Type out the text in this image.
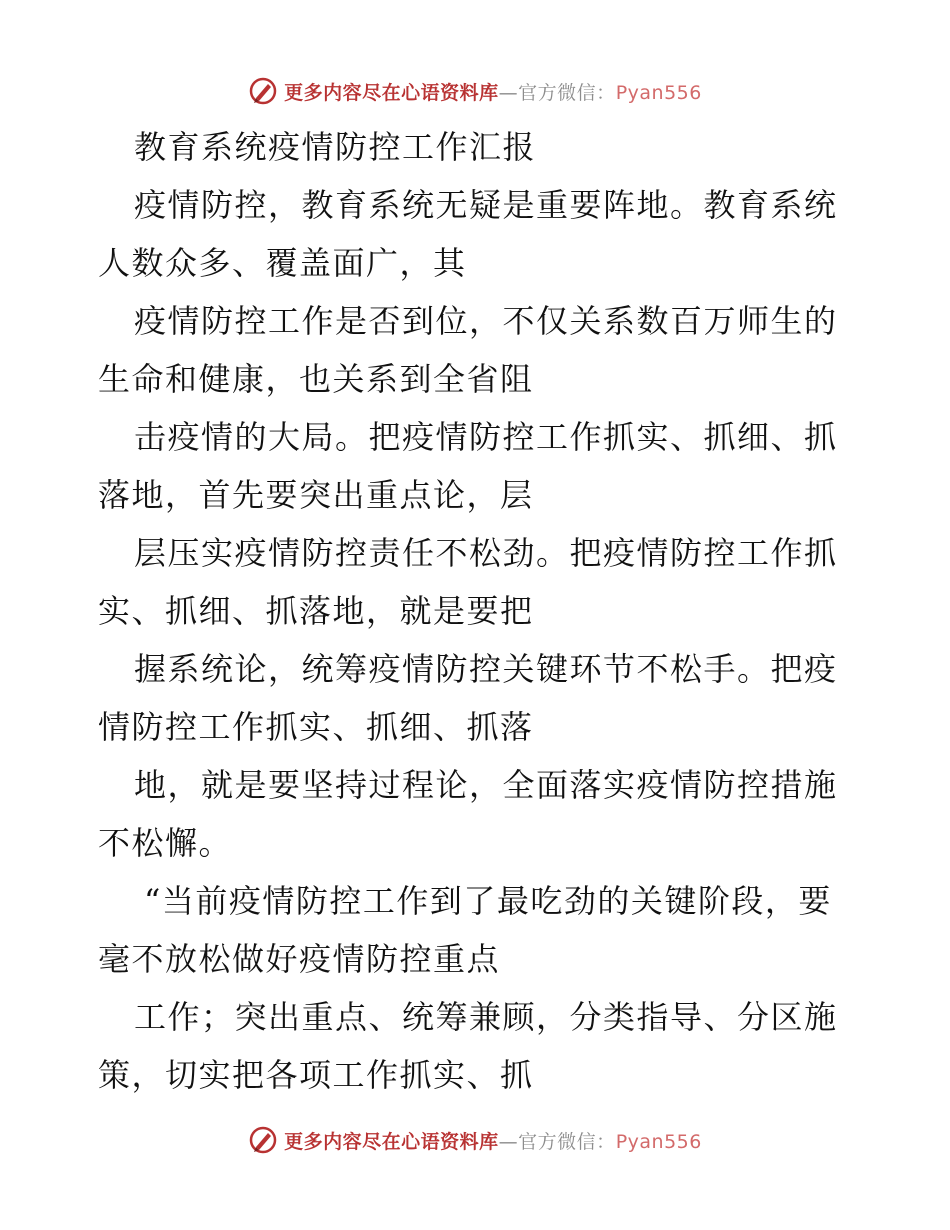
更多内容尽在心语资料库—官方微信：Pyan556
教育系统疫情防控工作汇报
疫情防控，教育系统无疑是重要阵地。教育系统
人数众多、覆盖面广，其
疫情防控工作是否到位，不仅关系数百万师生的
生命和健康，也关系到全省阻
击疫情的大局。把疫情防控工作抓实、抓细、抓
落地，首先要突出重点论，层
层压实疫情防控责任不松劲。把疫情防控工作抓
实、抓细、抓落地，就是要把
握系统论，统筹疫情防控关键环节不松手。把疫
情防控工作抓实、抓细、抓落
地，就是要坚持过程论，全面落实疫情防控措施
不松懈。
“当前疫情防控工作到了最吃劲的关键阶段，要
毫不放松做好疫情防控重点
工作；突出重点、统筹兼顾，分类指导、分区施
策，切实把各项工作抓实、抓
更多内容尽在心语资料库—官方微信：Pyan556
